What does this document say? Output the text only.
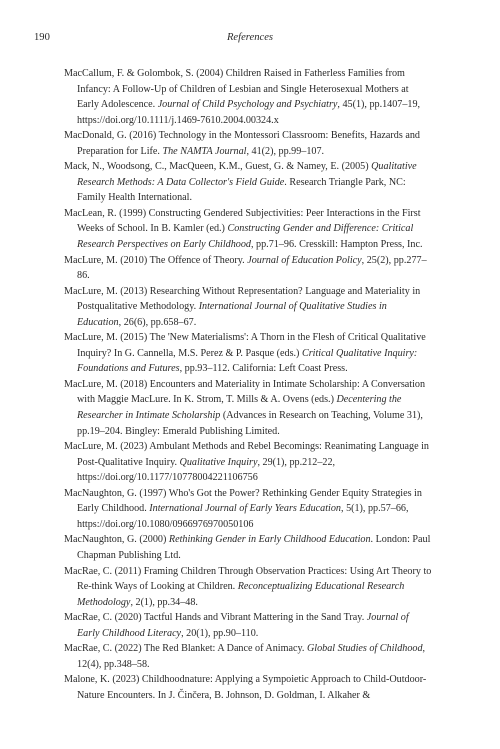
190	References
MacCallum, F. & Golombok, S. (2004) Children Raised in Fatherless Families from Infancy: A Follow-Up of Children of Lesbian and Single Heterosexual Mothers at Early Adolescence. Journal of Child Psychology and Psychiatry, 45(1), pp.1407–19, https://doi.org/10.1111/j.1469-7610.2004.00324.x
MacDonald, G. (2016) Technology in the Montessori Classroom: Benefits, Hazards and Preparation for Life. The NAMTA Journal, 41(2), pp.99–107.
Mack, N., Woodsong, C., MacQueen, K.M., Guest, G. & Namey, E. (2005) Qualitative Research Methods: A Data Collector's Field Guide. Research Triangle Park, NC: Family Health International.
MacLean, R. (1999) Constructing Gendered Subjectivities: Peer Interactions in the First Weeks of School. In B. Kamler (ed.) Constructing Gender and Difference: Critical Research Perspectives on Early Childhood, pp.71–96. Cresskill: Hampton Press, Inc.
MacLure, M. (2010) The Offence of Theory. Journal of Education Policy, 25(2), pp.277–86.
MacLure, M. (2013) Researching Without Representation? Language and Materiality in Postqualitative Methodology. International Journal of Qualitative Studies in Education, 26(6), pp.658–67.
MacLure, M. (2015) The 'New Materialisms': A Thorn in the Flesh of Critical Qualitative Inquiry? In G. Cannella, M.S. Perez & P. Pasque (eds.) Critical Qualitative Inquiry: Foundations and Futures, pp.93–112. California: Left Coast Press.
MacLure, M. (2018) Encounters and Materiality in Intimate Scholarship: A Conversation with Maggie MacLure. In K. Strom, T. Mills & A. Ovens (eds.) Decentering the Researcher in Intimate Scholarship (Advances in Research on Teaching, Volume 31), pp.19–204. Bingley: Emerald Publishing Limited.
MacLure, M. (2023) Ambulant Methods and Rebel Becomings: Reanimating Language in Post-Qualitative Inquiry. Qualitative Inquiry, 29(1), pp.212–22, https://doi.org/10.1177/10778004221106756
MacNaughton, G. (1997) Who's Got the Power? Rethinking Gender Equity Strategies in Early Childhood. International Journal of Early Years Education, 5(1), pp.57–66, https://doi.org/10.1080/0966976970050106
MacNaughton, G. (2000) Rethinking Gender in Early Childhood Education. London: Paul Chapman Publishing Ltd.
MacRae, C. (2011) Framing Children Through Observation Practices: Using Art Theory to Re-think Ways of Looking at Children. Reconceptualizing Educational Research Methodology, 2(1), pp.34–48.
MacRae, C. (2020) Tactful Hands and Vibrant Mattering in the Sand Tray. Journal of Early Childhood Literacy, 20(1), pp.90–110.
MacRae, C. (2022) The Red Blanket: A Dance of Animacy. Global Studies of Childhood, 12(4), pp.348–58.
Malone, K. (2023) Childhoodnature: Applying a Sympoietic Approach to Child-Outdoor-Nature Encounters. In J. Činčera, B. Johnson, D. Goldman, I. Alkaher &
